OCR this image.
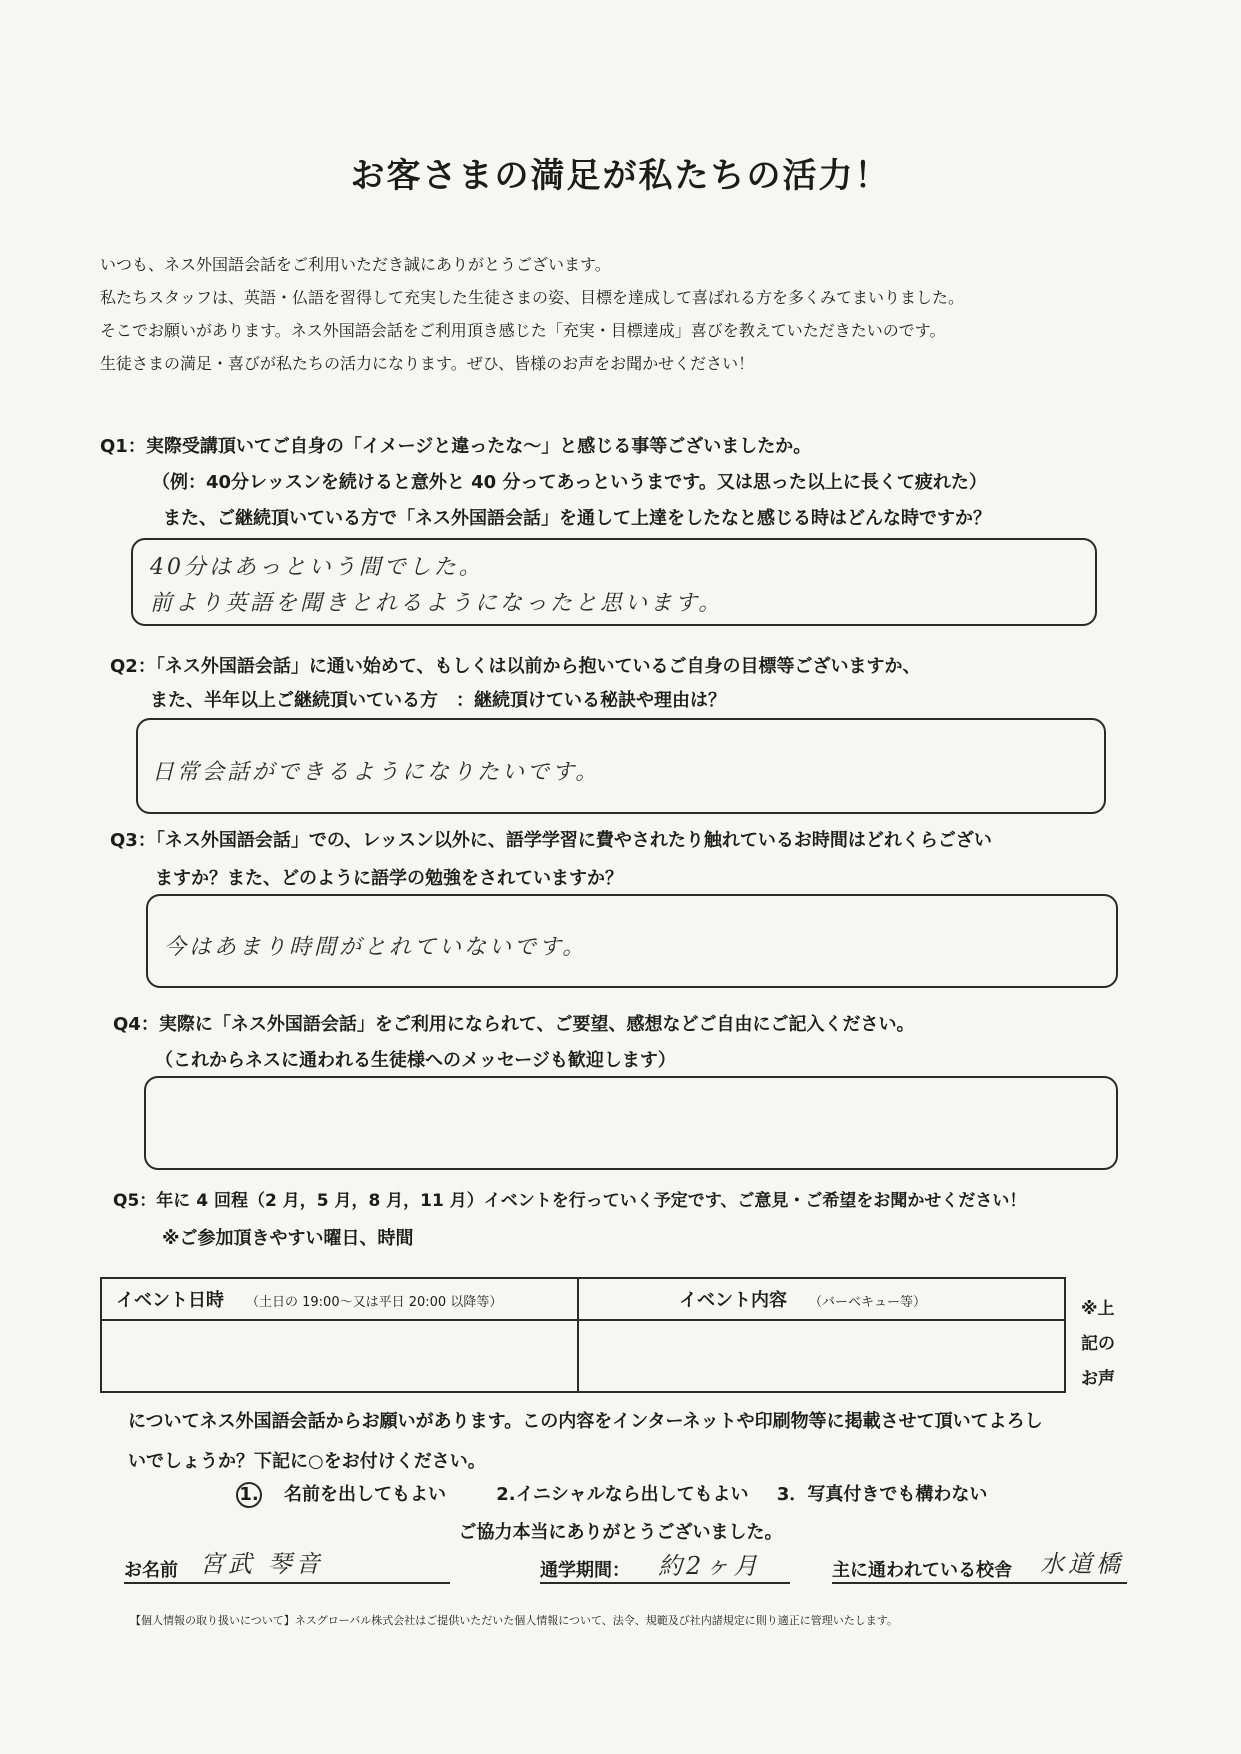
お客さまの満足が私たちの活力！
いつも、ネス外国語会話をご利用いただき誠にありがとうございます。
私たちスタッフは、英語・仏語を習得して充実した生徒さまの姿、目標を達成して喜ばれる方を多くみてまいりました。
そこでお願いがあります。ネス外国語会話をご利用頂き感じた「充実・目標達成」喜びを教えていただきたいのです。
生徒さまの満足・喜びが私たちの活力になります。ぜひ、皆様のお声をお聞かせください！
Q1：実際受講頂いてご自身の「イメージと違ったな～」と感じる事等ございましたか。
（例：40分レッスンを続けると意外と 40 分ってあっというまです。又は思った以上に長くて疲れた）
また、ご継続頂いている方で「ネス外国語会話」を通して上達をしたなと感じる時はどんな時ですか？
40分はあっという間でした。
前より英語を聞きとれるようになったと思います。
Q2：「ネス外国語会話」に通い始めて、もしくは以前から抱いているご自身の目標等ございますか、
また、半年以上ご継続頂いている方　：継続頂けている秘訣や理由は？
日常会話ができるようになりたいです。
Q3：「ネス外国語会話」での、レッスン以外に、語学学習に費やされたり触れているお時間はどれくらござい
ますか？また、どのように語学の勉強をされていますか？
今はあまり時間がとれていないです。
Q4：実際に「ネス外国語会話」をご利用になられて、ご要望、感想などご自由にご記入ください。
（これからネスに通われる生徒様へのメッセージも歓迎します）
Q5：年に 4 回程（2 月，5 月，8 月，11 月）イベントを行っていく予定です、ご意見・ご希望をお聞かせください！
※ご参加頂きやすい曜日、時間
イベント日時 （土日の 19:00～又は平日 20:00 以降等）	イベント内容 （バーベキュー等）
		※上
記の
お声
についてネス外国語会話からお願いがあります。この内容をインターネットや印刷物等に掲載させて頂いてよろし
いでしょうか？下記に○をお付けください。
1. 名前を出してもよい	2.イニシャルなら出してもよい 3．写真付きでも構わない
ご協力本当にありがとうございました。
お名前 宮武 琴音	通学期間： 約2ヶ月	主に通われている校舎 水道橋
【個人情報の取り扱いについて】ネスグローバル株式会社はご提供いただいた個人情報について、法令、規範及び社内諸規定に則り適正に管理いたします。
